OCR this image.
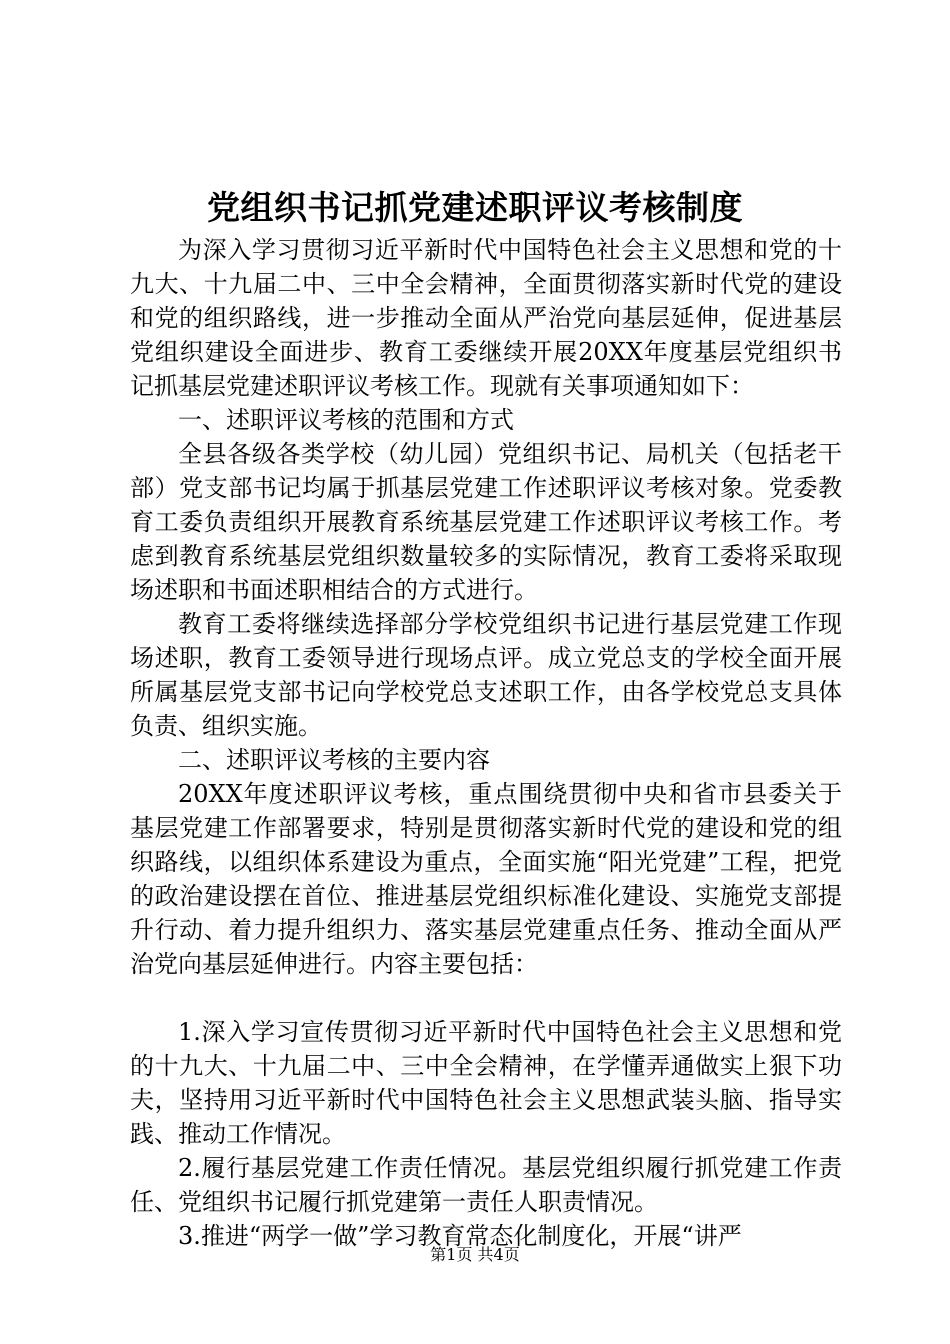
党组织书记抓党建述职评议考核制度

为深入学习贯彻习近平新时代中国特色社会主义思想和党的十九大、十九届二中、三中全会精神，全面贯彻落实新时代党的建设和党的组织路线，进一步推动全面从严治党向基层延伸，促进基层党组织建设全面进步、教育工委继续开展20XX年度基层党组织书记抓基层党建述职评议考核工作。现就有关事项通知如下：

一、述职评议考核的范围和方式

全县各级各类学校（幼儿园）党组织书记、局机关（包括老干部）党支部书记均属于抓基层党建工作述职评议考核对象。党委教育工委负责组织开展教育系统基层党建工作述职评议考核工作。考虑到教育系统基层党组织数量较多的实际情况，教育工委将采取现场述职和书面述职相结合的方式进行。

教育工委将继续选择部分学校党组织书记进行基层党建工作现场述职，教育工委领导进行现场点评。成立党总支的学校全面开展所属基层党支部书记向学校党总支述职工作，由各学校党总支具体负责、组织实施。

二、述职评议考核的主要内容

20XX年度述职评议考核，重点围绕贯彻中央和省市县委关于基层党建工作部署要求，特别是贯彻落实新时代党的建设和党的组织路线，以组织体系建设为重点，全面实施“阳光党建”工程，把党的政治建设摆在首位、推进基层党组织标准化建设、实施党支部提升行动、着力提升组织力、落实基层党建重点任务、推动全面从严治党向基层延伸进行。内容主要包括：

1.深入学习宣传贯彻习近平新时代中国特色社会主义思想和党的十九大、十九届二中、三中全会精神，在学懂弄通做实上狠下功夫，坚持用习近平新时代中国特色社会主义思想武装头脑、指导实践、推动工作情况。

2.履行基层党建工作责任情况。基层党组织履行抓党建工作责任、党组织书记履行抓党建第一责任人职责情况。

3.推进“两学一做”学习教育常态化制度化，开展“讲严

第1页 共4页
